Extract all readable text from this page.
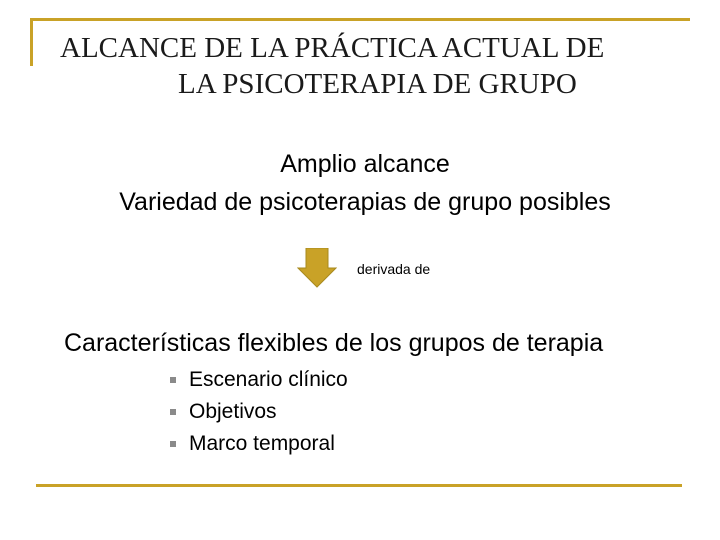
ALCANCE DE LA PRÁCTICA ACTUAL DE
LA PSICOTERAPIA DE GRUPO
Amplio alcance
Variedad de psicoterapias de grupo posibles
derivada de
Características flexibles de los grupos de terapia
Escenario clínico
Objetivos
Marco temporal
